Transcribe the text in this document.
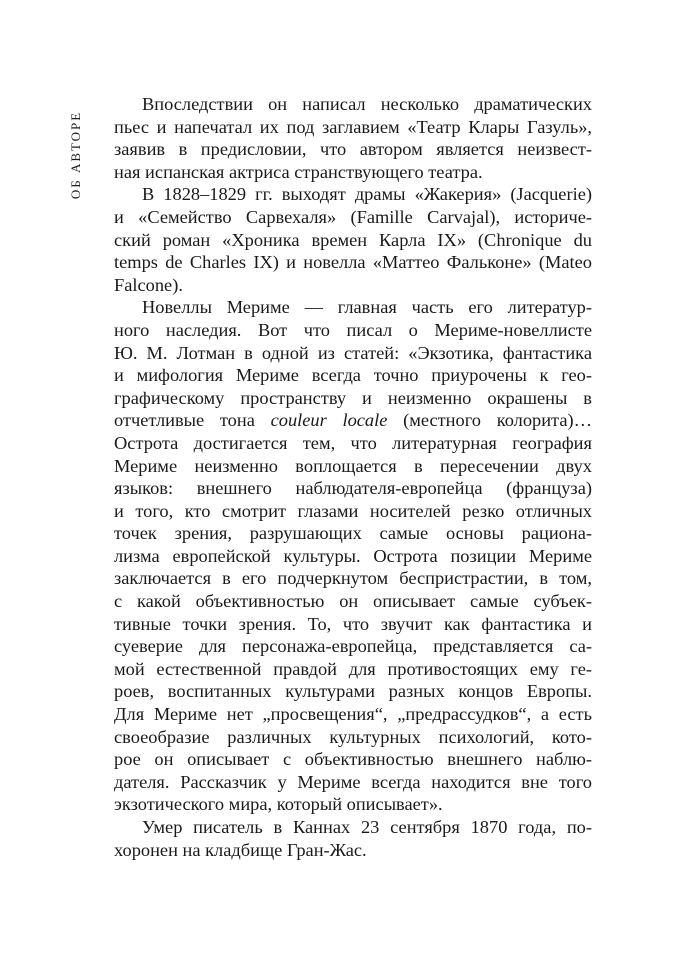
ОБ АВТОРЕ
Впоследствии он написал несколько драматических
пьес и напечатал их под заглавием «Театр Клары Газуль»,
заявив в предисловии, что автором является неизвест-
ная испанская актриса странствующего театра.
В 1828–1829 гг. выходят драмы «Жакерия» (Jacquerie)
и «Семейство Сарвехаля» (Famille Carvajal), историче-
ский роман «Хроника времен Карла IX» (Chronique du
temps de Charles IX) и новелла «Маттео Фальконе» (Mateo
Falcone).
Новеллы Мериме — главная часть его литератур-
ного наследия. Вот что писал о Мериме-новеллисте
Ю. М. Лотман в одной из статей: «Экзотика, фантастика
и мифология Мериме всегда точно приурочены к гео-
графическому пространству и неизменно окрашены в
отчетливые тона couleur locale (местного колорита)…
Острота достигается тем, что литературная география
Мериме неизменно воплощается в пересечении двух
языков: внешнего наблюдателя-европейца (француза)
и того, кто смотрит глазами носителей резко отличных
точек зрения, разрушающих самые основы рациона-
лизма европейской культуры. Острота позиции Мериме
заключается в его подчеркнутом беспристрастии, в том,
с какой объективностью он описывает самые субъек-
тивные точки зрения. То, что звучит как фантастика и
суеверие для персонажа-европейца, представляется са-
мой естественной правдой для противостоящих ему ге-
роев, воспитанных культурами разных концов Европы.
Для Мериме нет „просвещения“, „предрассудков“, а есть
своеобразие различных культурных психологий, кото-
рое он описывает с объективностью внешнего наблю-
дателя. Рассказчик у Мериме всегда находится вне того
экзотического мира, который описывает».
Умер писатель в Каннах 23 сентября 1870 года, по-
хоронен на кладбище Гран-Жас.
